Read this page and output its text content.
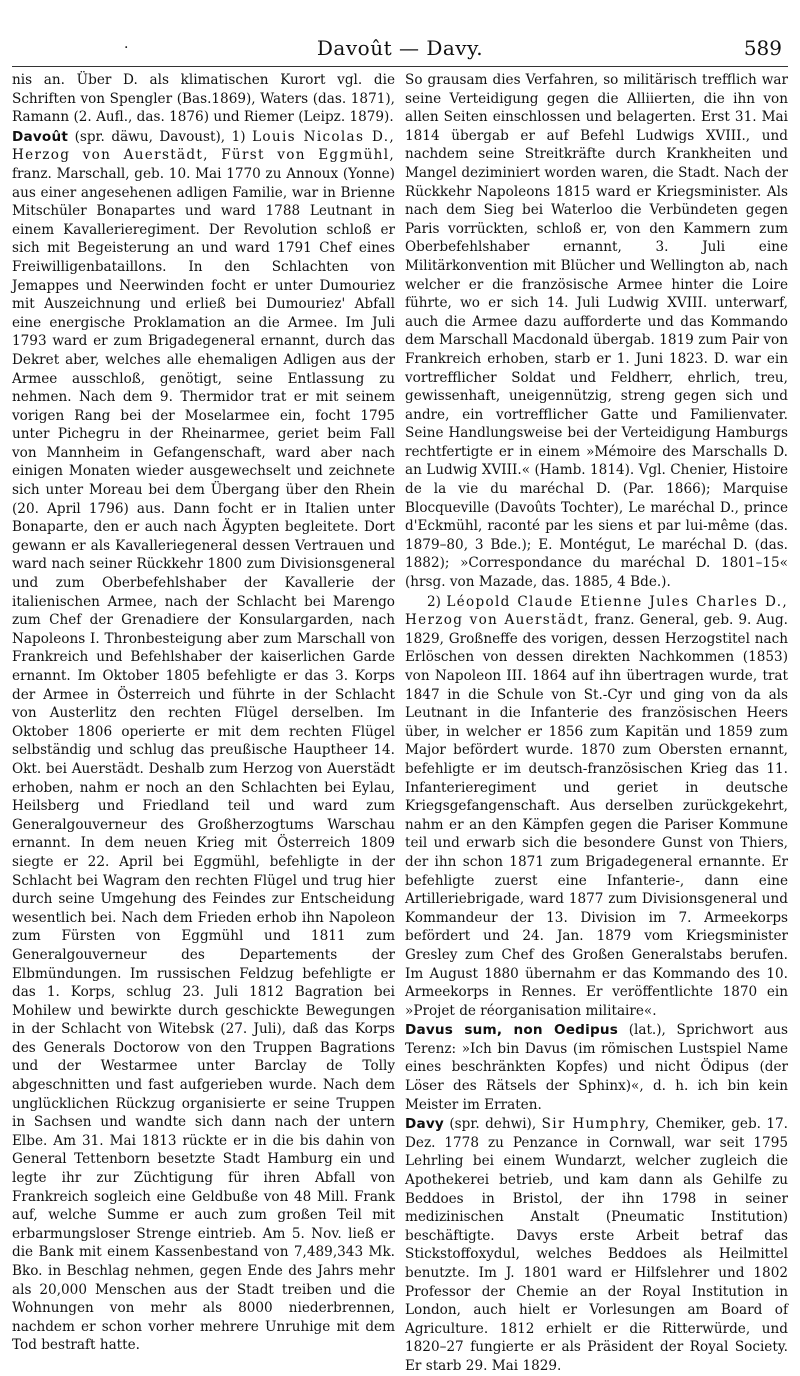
·	Davoût — Davy.	589

nis an. Über D. als klimatischen Kurort vgl. die Schriften von Spengler (Bas.1869), Waters (das. 1871), Ramann (2. Aufl., das. 1876) und Riemer (Leipz. 1879).

Davoût (spr. däwu, Davoust), 1) Louis Nicolas D., Herzog von Auerstädt, Fürst von Eggmühl, franz. Marschall, geb. 10. Mai 1770 zu Annoux (Yonne) aus einer angesehenen adligen Familie, war in Brienne Mitschüler Bonapartes und ward 1788 Leutnant in einem Kavallerieregiment. Der Revolution schloß er sich mit Begeisterung an und ward 1791 Chef eines Freiwilligenbataillons. In den Schlachten von Jemappes und Neerwinden focht er unter Dumouriez mit Auszeichnung und erließ bei Dumouriez' Abfall eine energische Proklamation an die Armee. Im Juli 1793 ward er zum Brigadegeneral ernannt, durch das Dekret aber, welches alle ehemaligen Adligen aus der Armee ausschloß, genötigt, seine Entlassung zu nehmen. Nach dem 9. Thermidor trat er mit seinem vorigen Rang bei der Moselarmee ein, focht 1795 unter Pichegru in der Rheinarmee, geriet beim Fall von Mannheim in Gefangenschaft, ward aber nach einigen Monaten wieder ausgewechselt und zeichnete sich unter Moreau bei dem Übergang über den Rhein (20. April 1796) aus. Dann focht er in Italien unter Bonaparte, den er auch nach Ägypten begleitete. Dort gewann er als Kavalleriegeneral dessen Vertrauen und ward nach seiner Rückkehr 1800 zum Divisionsgeneral und zum Oberbefehlshaber der Kavallerie der italienischen Armee, nach der Schlacht bei Marengo zum Chef der Grenadiere der Konsulargarden, nach Napoleons I. Thronbesteigung aber zum Marschall von Frankreich und Befehlshaber der kaiserlichen Garde ernannt. Im Oktober 1805 befehligte er das 3. Korps der Armee in Österreich und führte in der Schlacht von Austerlitz den rechten Flügel derselben. Im Oktober 1806 operierte er mit dem rechten Flügel selbständig und schlug das preußische Hauptheer 14. Okt. bei Auerstädt. Deshalb zum Herzog von Auerstädt erhoben, nahm er noch an den Schlachten bei Eylau, Heilsberg und Friedland teil und ward zum Generalgouverneur des Großherzogtums Warschau ernannt. In dem neuen Krieg mit Österreich 1809 siegte er 22. April bei Eggmühl, befehligte in der Schlacht bei Wagram den rechten Flügel und trug hier durch seine Umgehung des Feindes zur Entscheidung wesentlich bei. Nach dem Frieden erhob ihn Napoleon zum Fürsten von Eggmühl und 1811 zum Generalgouverneur des Departements der Elbmündungen. Im russischen Feldzug befehligte er das 1. Korps, schlug 23. Juli 1812 Bagration bei Mohilew und bewirkte durch geschickte Bewegungen in der Schlacht von Witebsk (27. Juli), daß das Korps des Generals Doctorow von den Truppen Bagrations und der Westarmee unter Barclay de Tolly abgeschnitten und fast aufgerieben wurde. Nach dem unglücklichen Rückzug organisierte er seine Truppen in Sachsen und wandte sich dann nach der untern Elbe. Am 31. Mai 1813 rückte er in die bis dahin von General Tettenborn besetzte Stadt Hamburg ein und legte ihr zur Züchtigung für ihren Abfall von Frankreich sogleich eine Geldbuße von 48 Mill. Frank auf, welche Summe er auch zum großen Teil mit erbarmungsloser Strenge eintrieb. Am 5. Nov. ließ er die Bank mit einem Kassenbestand von 7,489,343 Mk. Bko. in Beschlag nehmen, gegen Ende des Jahrs mehr als 20,000 Menschen aus der Stadt treiben und die Wohnungen von mehr als 8000 niederbrennen, nachdem er schon vorher mehrere Unruhige mit dem Tod bestraft hatte.

So grausam dies Verfahren, so militärisch trefflich war seine Verteidigung gegen die Alliierten, die ihn von allen Seiten einschlossen und belagerten. Erst 31. Mai 1814 übergab er auf Befehl Ludwigs XVIII., und nachdem seine Streitkräfte durch Krankheiten und Mangel deziminiert worden waren, die Stadt. Nach der Rückkehr Napoleons 1815 ward er Kriegsminister. Als nach dem Sieg bei Waterloo die Verbündeten gegen Paris vorrückten, schloß er, von den Kammern zum Oberbefehlshaber ernannt, 3. Juli eine Militärkonvention mit Blücher und Wellington ab, nach welcher er die französische Armee hinter die Loire führte, wo er sich 14. Juli Ludwig XVIII. unterwarf, auch die Armee dazu aufforderte und das Kommando dem Marschall Macdonald übergab. 1819 zum Pair von Frankreich erhoben, starb er 1. Juni 1823. D. war ein vortrefflicher Soldat und Feldherr, ehrlich, treu, gewissenhaft, uneigennützig, streng gegen sich und andre, ein vortrefflicher Gatte und Familienvater. Seine Handlungsweise bei der Verteidigung Hamburgs rechtfertigte er in einem »Mémoire des Marschalls D. an Ludwig XVIII.« (Hamb. 1814). Vgl. Chenier, Histoire de la vie du maréchal D. (Par. 1866); Marquise Blocqueville (Davoûts Tochter), Le maréchal D., prince d'Eckmühl, raconté par les siens et par lui-même (das. 1879–80, 3 Bde.); E. Montégut, Le maréchal D. (das. 1882); »Correspondance du maréchal D. 1801–15« (hrsg. von Mazade, das. 1885, 4 Bde.).

2) Léopold Claude Etienne Jules Charles D., Herzog von Auerstädt, franz. General, geb. 9. Aug. 1829, Großneffe des vorigen, dessen Herzogstitel nach Erlöschen von dessen direkten Nachkommen (1853) von Napoleon III. 1864 auf ihn übertragen wurde, trat 1847 in die Schule von St.-Cyr und ging von da als Leutnant in die Infanterie des französischen Heers über, in welcher er 1856 zum Kapitän und 1859 zum Major befördert wurde. 1870 zum Obersten ernannt, befehligte er im deutsch-französischen Krieg das 11. Infanterieregiment und geriet in deutsche Kriegsgefangenschaft. Aus derselben zurückgekehrt, nahm er an den Kämpfen gegen die Pariser Kommune teil und erwarb sich die besondere Gunst von Thiers, der ihn schon 1871 zum Brigadegeneral ernannte. Er befehligte zuerst eine Infanterie-, dann eine Artilleriebrigade, ward 1877 zum Divisionsgeneral und Kommandeur der 13. Division im 7. Armeekorps befördert und 24. Jan. 1879 vom Kriegsminister Gresley zum Chef des Großen Generalstabs berufen. Im August 1880 übernahm er das Kommando des 10. Armeekorps in Rennes. Er veröffentlichte 1870 ein »Projet de réorganisation militaire«.

Davus sum, non Oedipus (lat.), Sprichwort aus Terenz: »Ich bin Davus (im römischen Lustspiel Name eines beschränkten Kopfes) und nicht Ödipus (der Löser des Rätsels der Sphinx)«, d. h. ich bin kein Meister im Erraten.

Davy (spr. dehwi), Sir Humphry, Chemiker, geb. 17. Dez. 1778 zu Penzance in Cornwall, war seit 1795 Lehrling bei einem Wundarzt, welcher zugleich die Apothekerei betrieb, und kam dann als Gehilfe zu Beddoes in Bristol, der ihn 1798 in seiner medizinischen Anstalt (Pneumatic Institution) beschäftigte. Davys erste Arbeit betraf das Stickstoffoxydul, welches Beddoes als Heilmittel benutzte. Im J. 1801 ward er Hilfslehrer und 1802 Professor der Chemie an der Royal Institution in London, auch hielt er Vorlesungen am Board of Agriculture. 1812 erhielt er die Ritterwürde, und 1820–27 fungierte er als Präsident der Royal Society. Er starb 29. Mai 1829.
